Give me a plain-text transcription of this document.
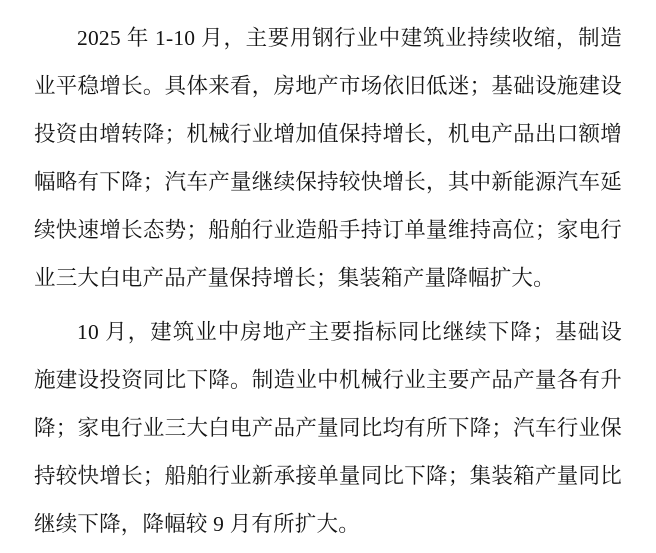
2025 年 1-10 月，主要用钢行业中建筑业持续收缩，制造业平稳增长。具体来看，房地产市场依旧低迷；基础设施建设投资由增转降；机械行业增加值保持增长，机电产品出口额增幅略有下降；汽车产量继续保持较快增长，其中新能源汽车延续快速增长态势；船舶行业造船手持订单量维持高位；家电行业三大白电产品产量保持增长；集装箱产量降幅扩大。

10 月，建筑业中房地产主要指标同比继续下降；基础设施建设投资同比下降。制造业中机械行业主要产品产量各有升降；家电行业三大白电产品产量同比均有所下降；汽车行业保持较快增长；船舶行业新承接单量同比下降；集装箱产量同比继续下降，降幅较 9 月有所扩大。
